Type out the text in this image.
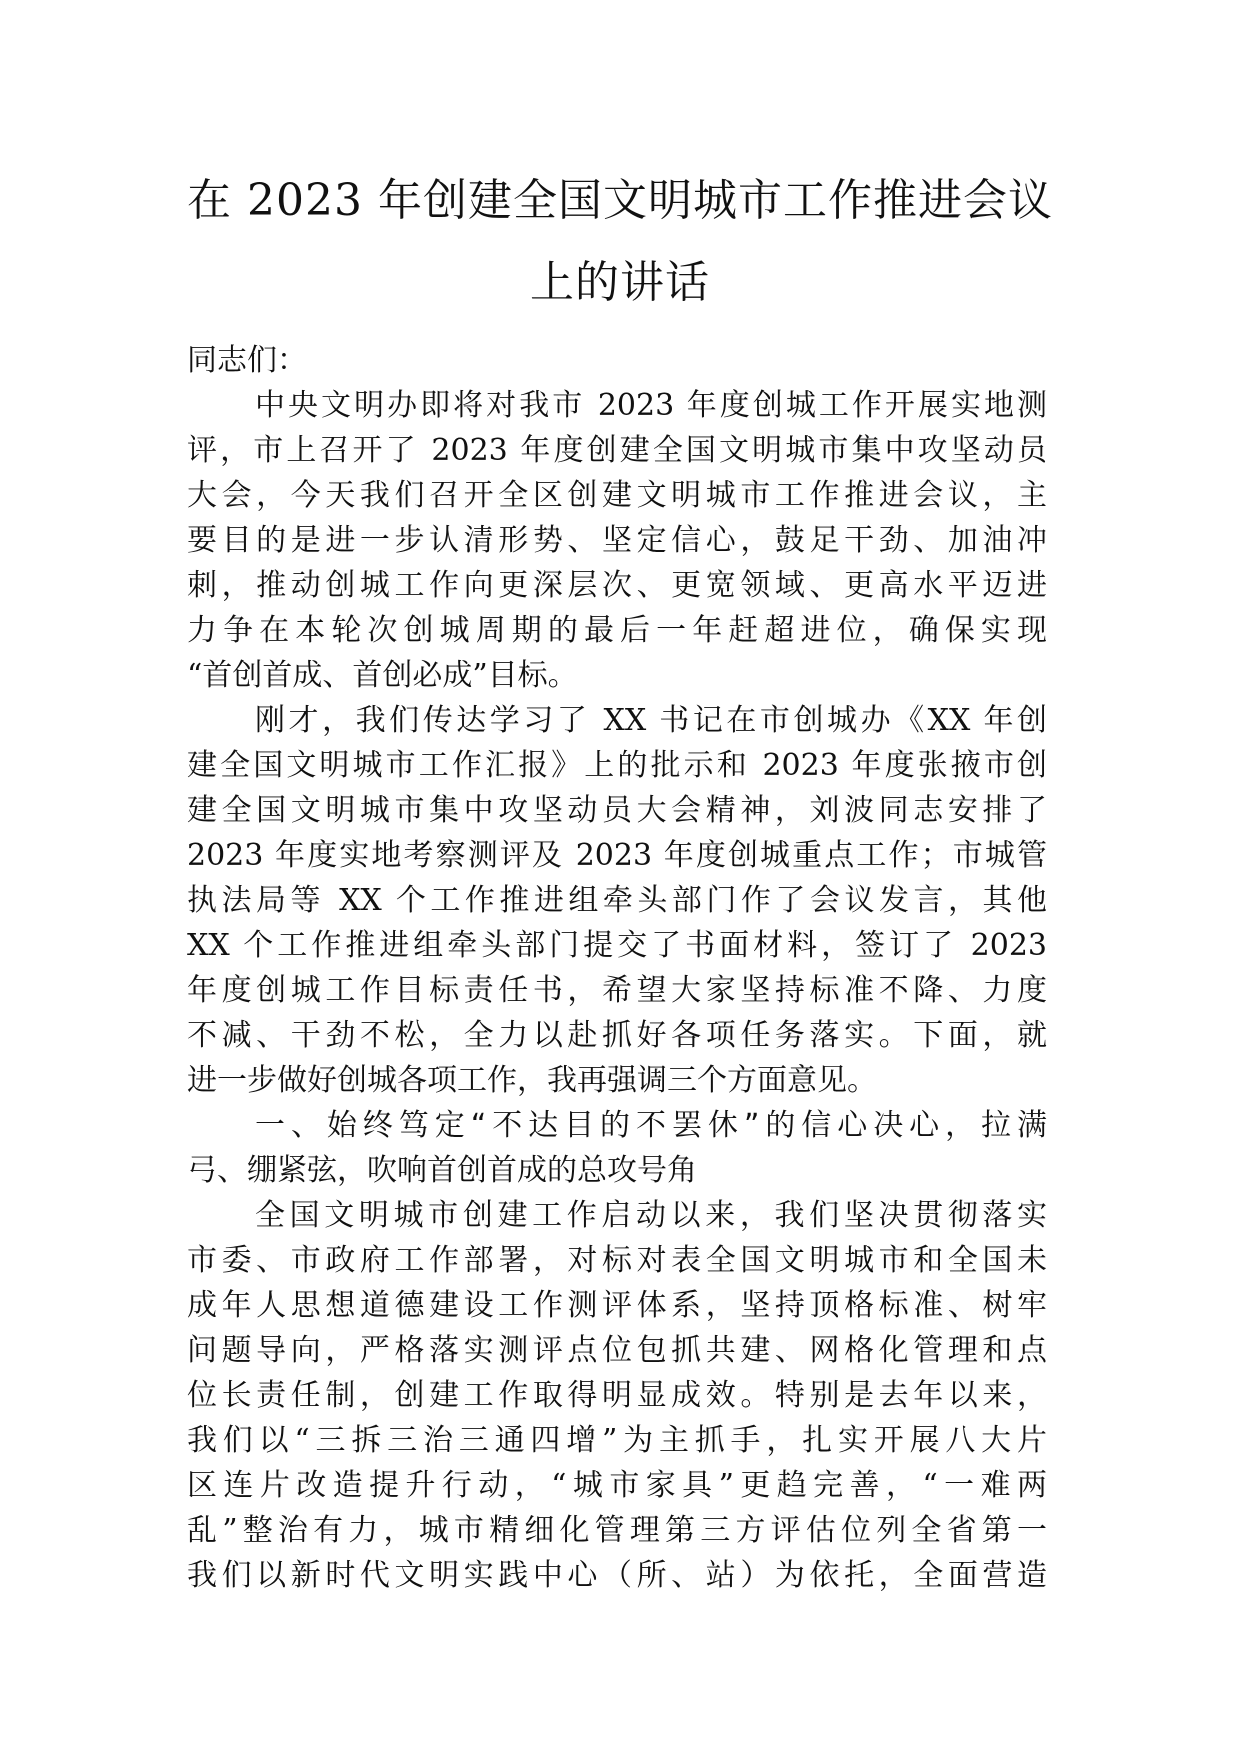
在 2023 年创建全国文明城市工作推进会议
上的讲话
同志们：
中央文明办即将对我市 2023 年度创城工作开展实地测
评，市上召开了 2023 年度创建全国文明城市集中攻坚动员
大会，今天我们召开全区创建文明城市工作推进会议，主
要目的是进一步认清形势、坚定信心，鼓足干劲、加油冲
刺，推动创城工作向更深层次、更宽领域、更高水平迈进
力争在本轮次创城周期的最后一年赶超进位，确保实现
“首创首成、首创必成”目标。
刚才，我们传达学习了 XX 书记在市创城办《XX 年创
建全国文明城市工作汇报》上的批示和 2023 年度张掖市创
建全国文明城市集中攻坚动员大会精神，刘波同志安排了
2023 年度实地考察测评及 2023 年度创城重点工作；市城管
执法局等 XX 个工作推进组牵头部门作了会议发言，其他
XX 个工作推进组牵头部门提交了书面材料，签订了 2023
年度创城工作目标责任书，希望大家坚持标准不降、力度
不减、干劲不松，全力以赴抓好各项任务落实。下面，就
进一步做好创城各项工作，我再强调三个方面意见。
一、始终笃定“不达目的不罢休”的信心决心，拉满
弓、绷紧弦，吹响首创首成的总攻号角
全国文明城市创建工作启动以来，我们坚决贯彻落实
市委、市政府工作部署，对标对表全国文明城市和全国未
成年人思想道德建设工作测评体系，坚持顶格标准、树牢
问题导向，严格落实测评点位包抓共建、网格化管理和点
位长责任制，创建工作取得明显成效。特别是去年以来，
我们以“三拆三治三通四增”为主抓手，扎实开展八大片
区连片改造提升行动，“城市家具”更趋完善，“一难两
乱”整治有力，城市精细化管理第三方评估位列全省第一
我们以新时代文明实践中心（所、站）为依托，全面营造
